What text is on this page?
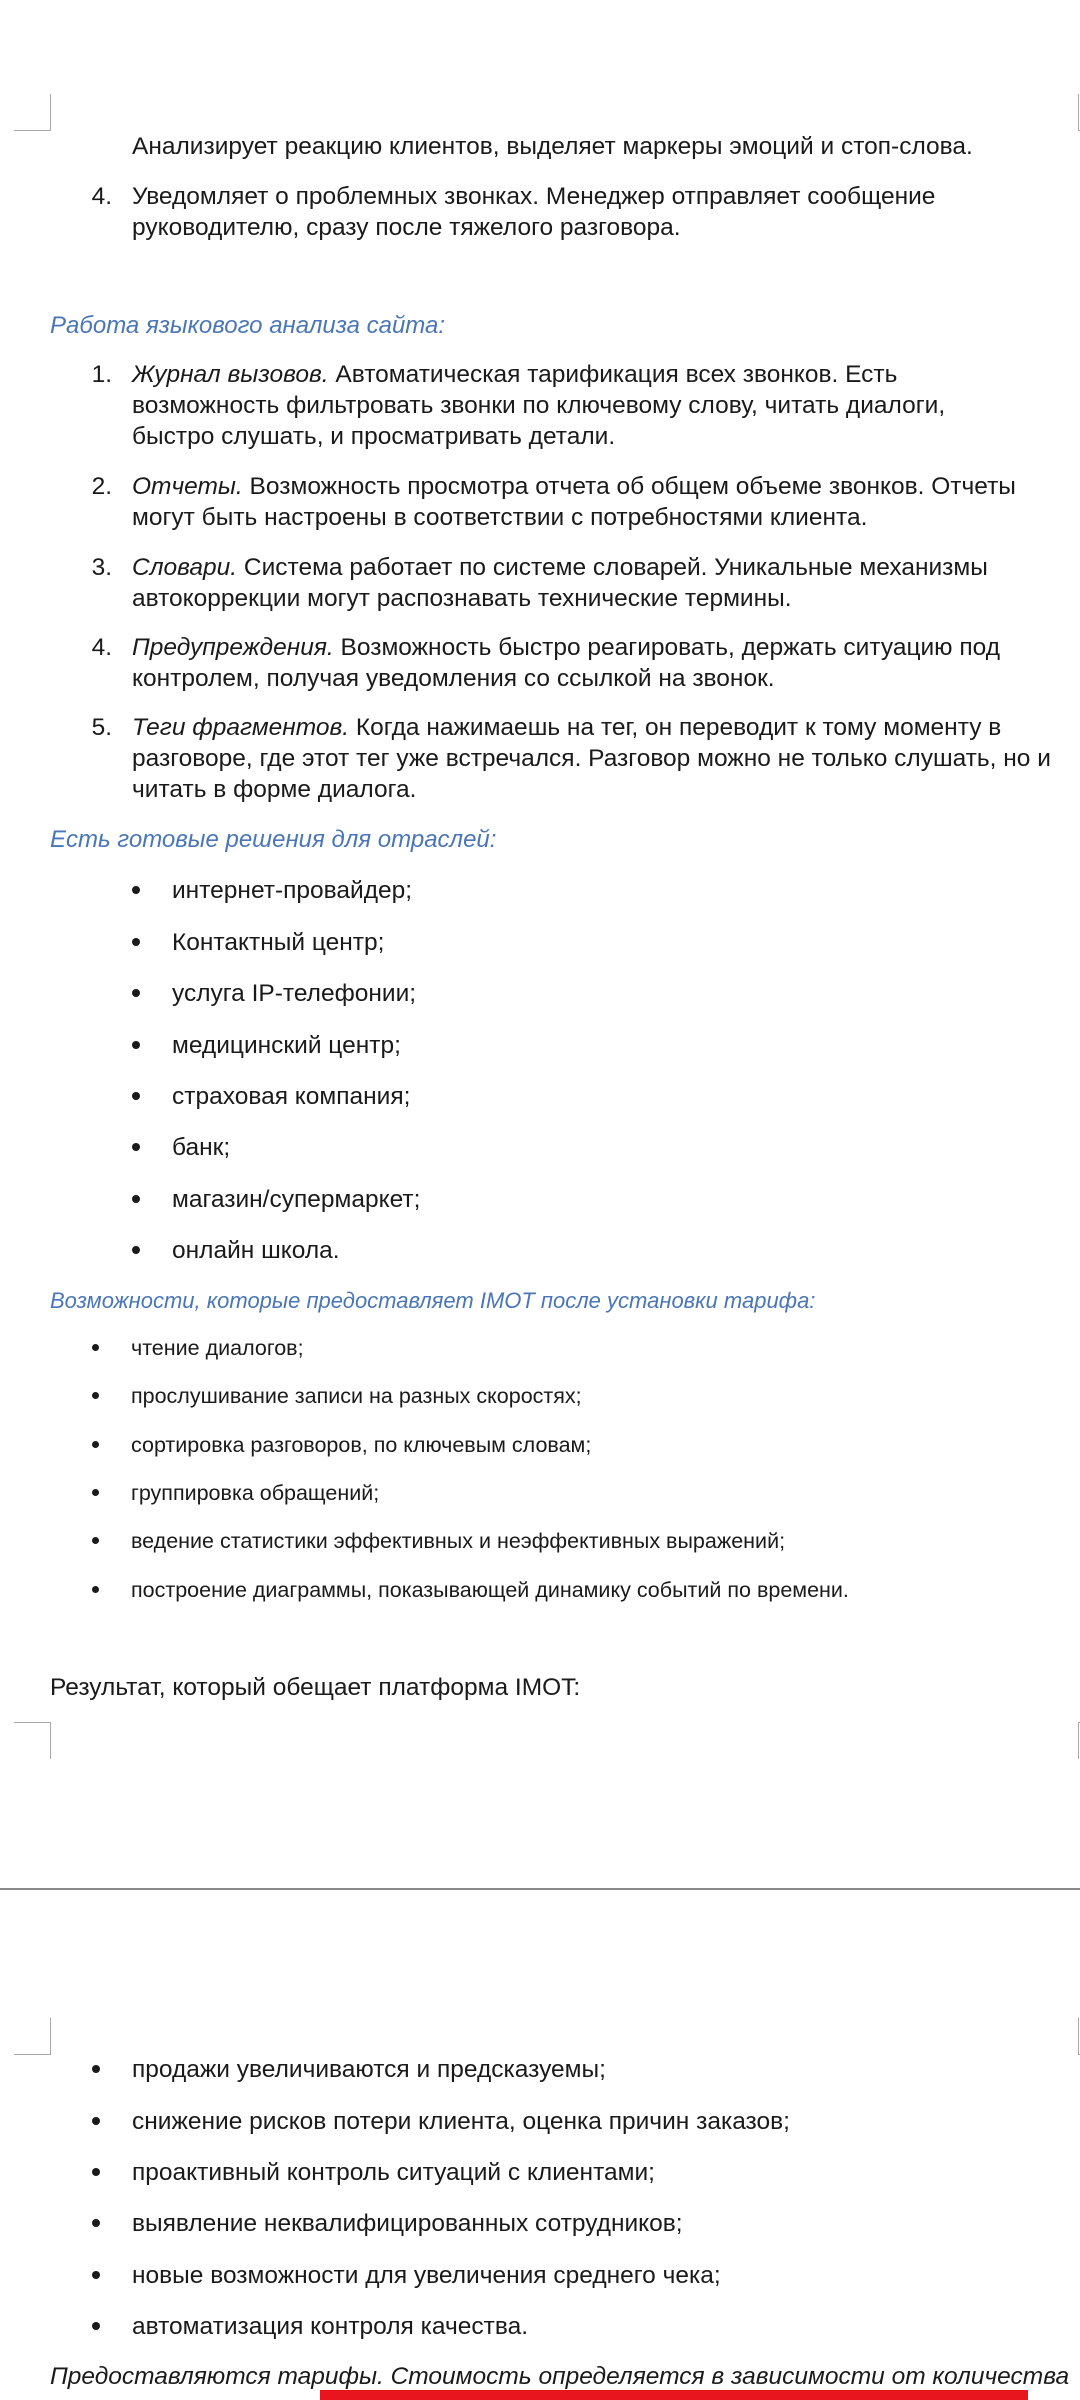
Анализирует реакцию клиентов, выделяет маркеры эмоций и стоп-слова.
4. Уведомляет о проблемных звонках. Менеджер отправляет сообщение руководителю, сразу после тяжелого разговора.
Работа языкового анализа сайта:
1. Журнал вызовов. Автоматическая тарификация всех звонков. Есть возможность фильтровать звонки по ключевому слову, читать диалоги, быстро слушать, и просматривать детали.
2. Отчеты. Возможность просмотра отчета об общем объеме звонков. Отчеты могут быть настроены в соответствии с потребностями клиента.
3. Словари. Система работает по системе словарей. Уникальные механизмы автокоррекции могут распознавать технические термины.
4. Предупреждения. Возможность быстро реагировать, держать ситуацию под контролем, получая уведомления со ссылкой на звонок.
5. Теги фрагментов. Когда нажимаешь на тег, он переводит к тому моменту в разговоре, где этот тег уже встречался. Разговор можно не только слушать, но и читать в форме диалога.
Есть готовые решения для отраслей:
интернет-провайдер;
Контактный центр;
услуга IP-телефонии;
медицинский центр;
страховая компания;
банк;
магазин/супермаркет;
онлайн школа.
Возможности, которые предоставляет IMOT после установки тарифа:
чтение диалогов;
прослушивание записи на разных скоростях;
сортировка разговоров, по ключевым словам;
группировка обращений;
ведение статистики эффективных и неэффективных выражений;
построение диаграммы, показывающей динамику событий по времени.
Результат, который обещает платформа IMOT:
продажи увеличиваются и предсказуемы;
снижение рисков потери клиента, оценка причин заказов;
проактивный контроль ситуаций с клиентами;
выявление неквалифицированных сотрудников;
новые возможности для увеличения среднего чека;
автоматизация контроля качества.
Предоставляются тарифы. Стоимость определяется в зависимости от количества
